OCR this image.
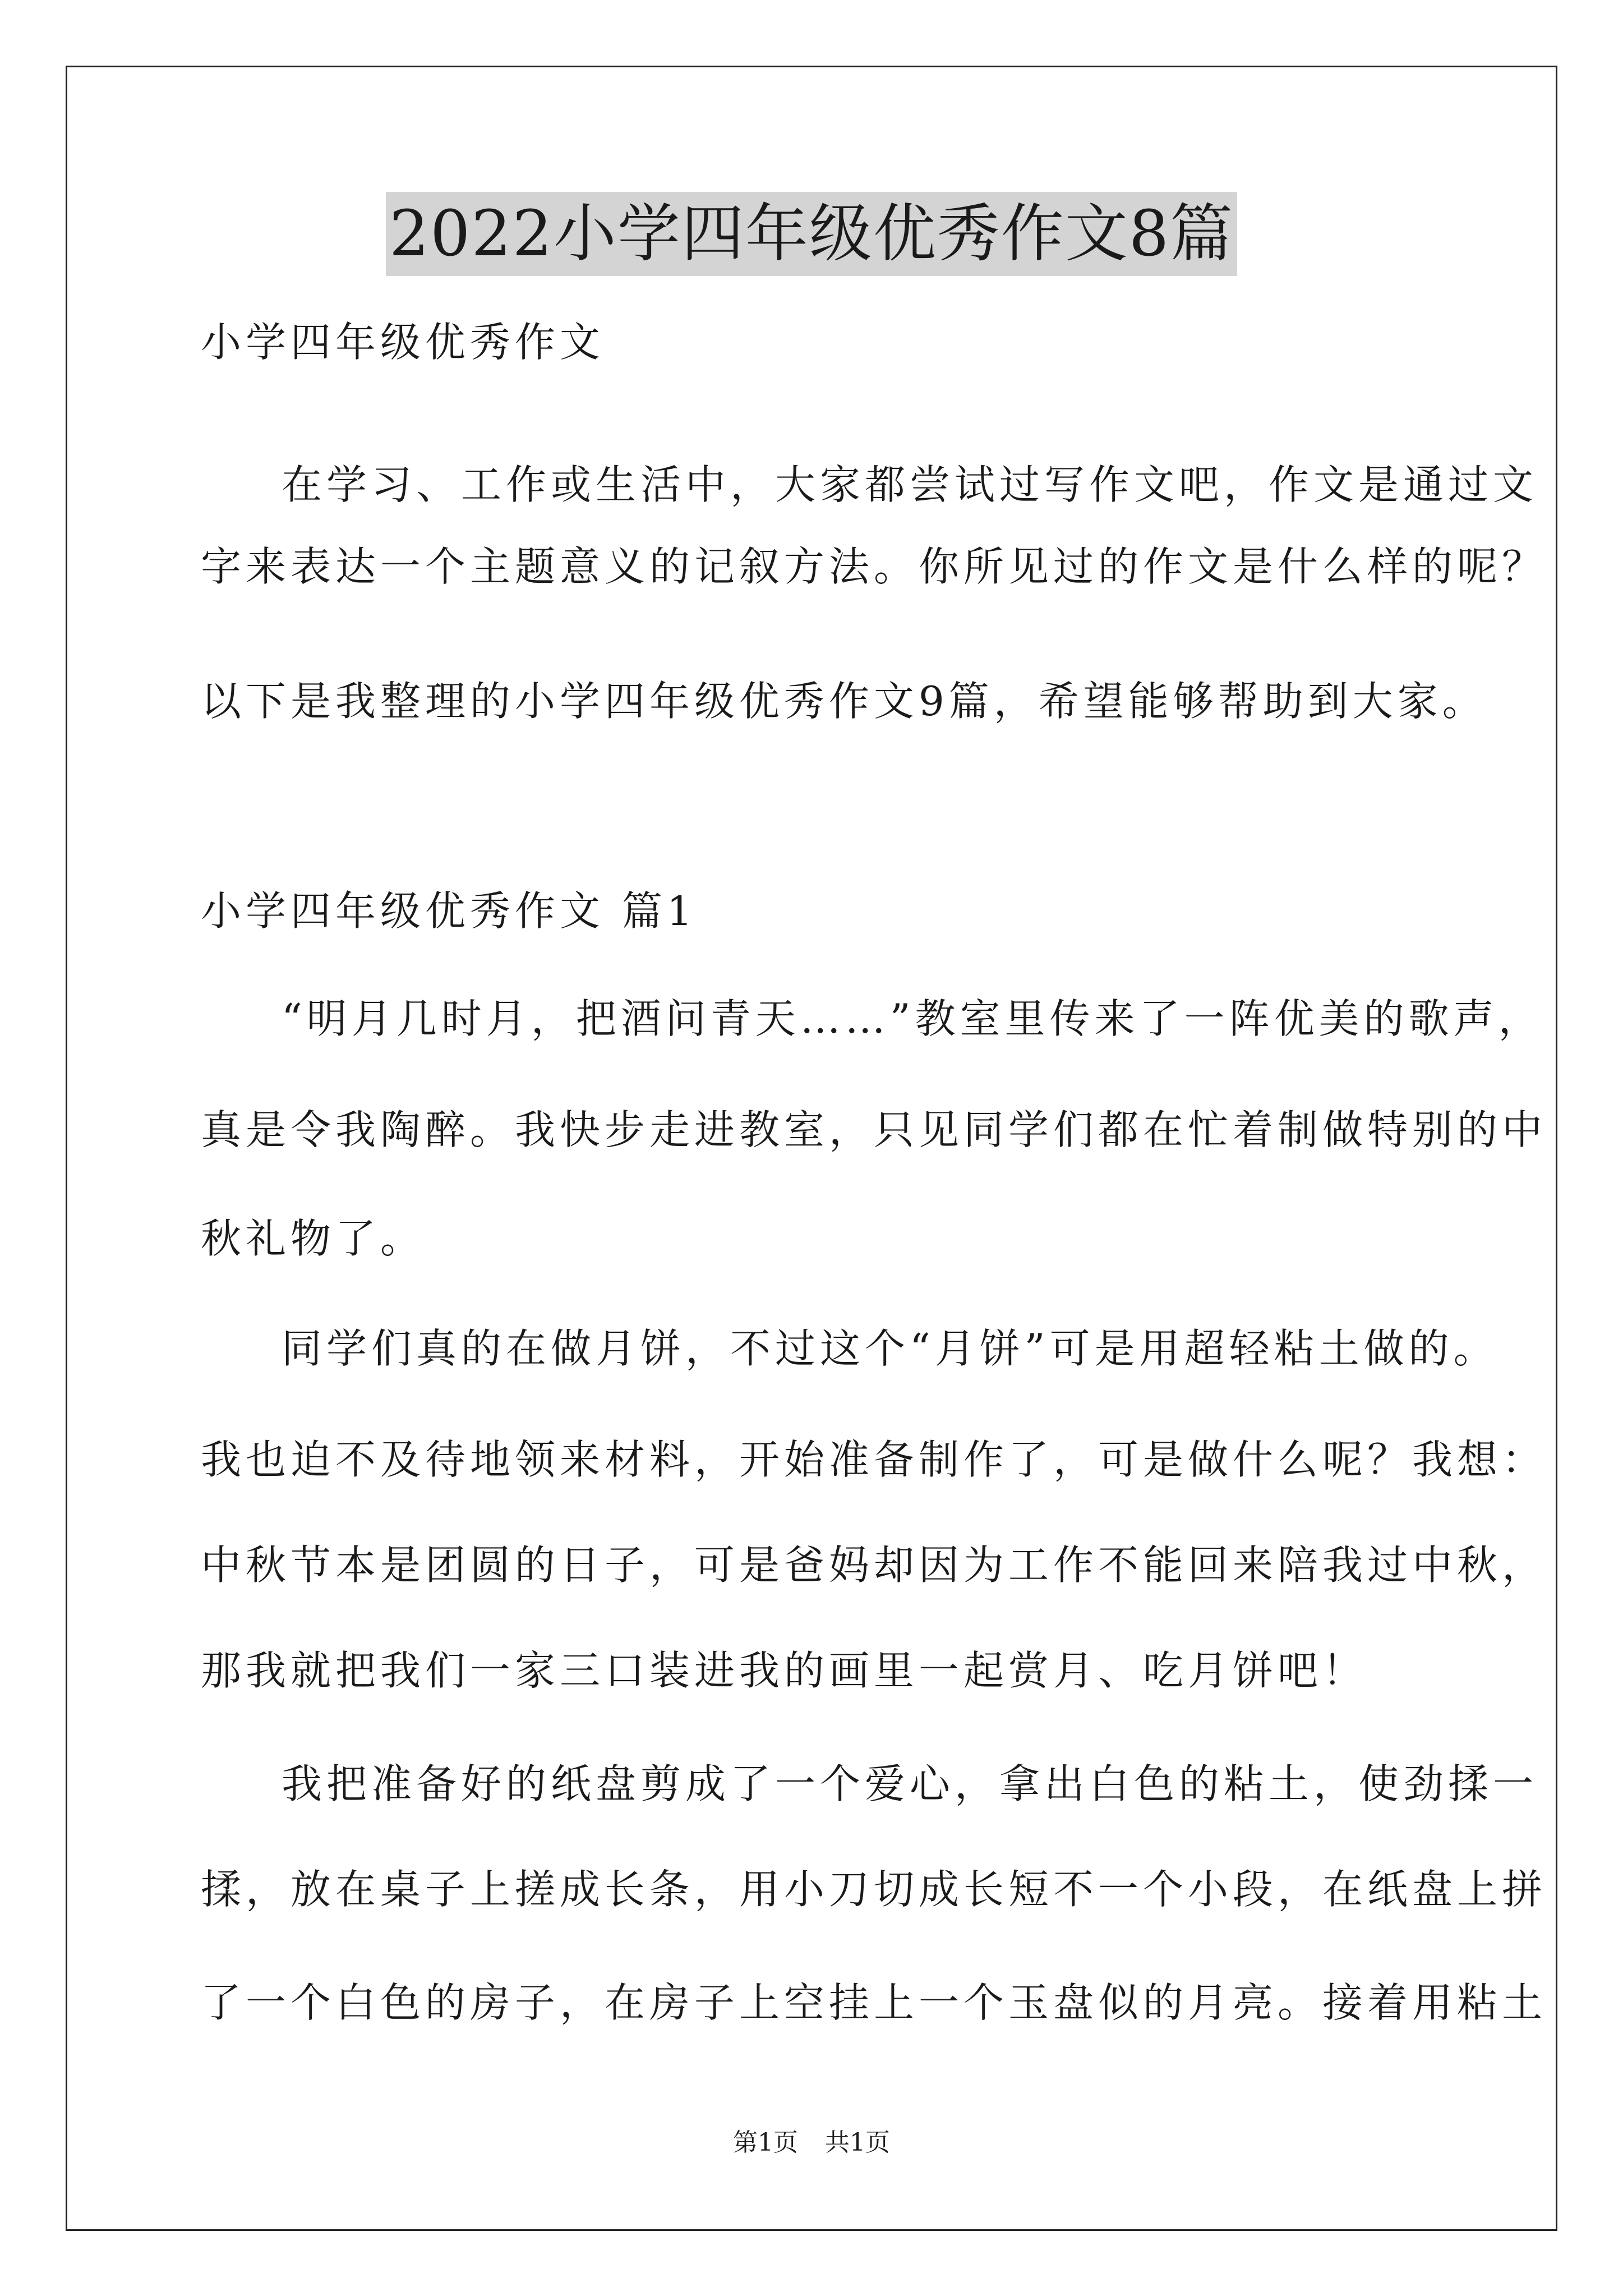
2022小学四年级优秀作文8篇
小学四年级优秀作文
在学习、工作或生活中，大家都尝试过写作文吧，作文是通过文
字来表达一个主题意义的记叙方法。你所见过的作文是什么样的呢？
以下是我整理的小学四年级优秀作文9篇，希望能够帮助到大家。
小学四年级优秀作文 篇1
“明月几时月，把酒问青天……”教室里传来了一阵优美的歌声，
真是令我陶醉。我快步走进教室，只见同学们都在忙着制做特别的中
秋礼物了。
同学们真的在做月饼，不过这个“月饼”可是用超轻粘土做的。
我也迫不及待地领来材料，开始准备制作了，可是做什么呢？我想：
中秋节本是团圆的日子，可是爸妈却因为工作不能回来陪我过中秋，
那我就把我们一家三口装进我的画里一起赏月、吃月饼吧！
我把准备好的纸盘剪成了一个爱心，拿出白色的粘土，使劲揉一
揉，放在桌子上搓成长条，用小刀切成长短不一个小段，在纸盘上拼
了一个白色的房子，在房子上空挂上一个玉盘似的月亮。接着用粘土
第1页 共1页
